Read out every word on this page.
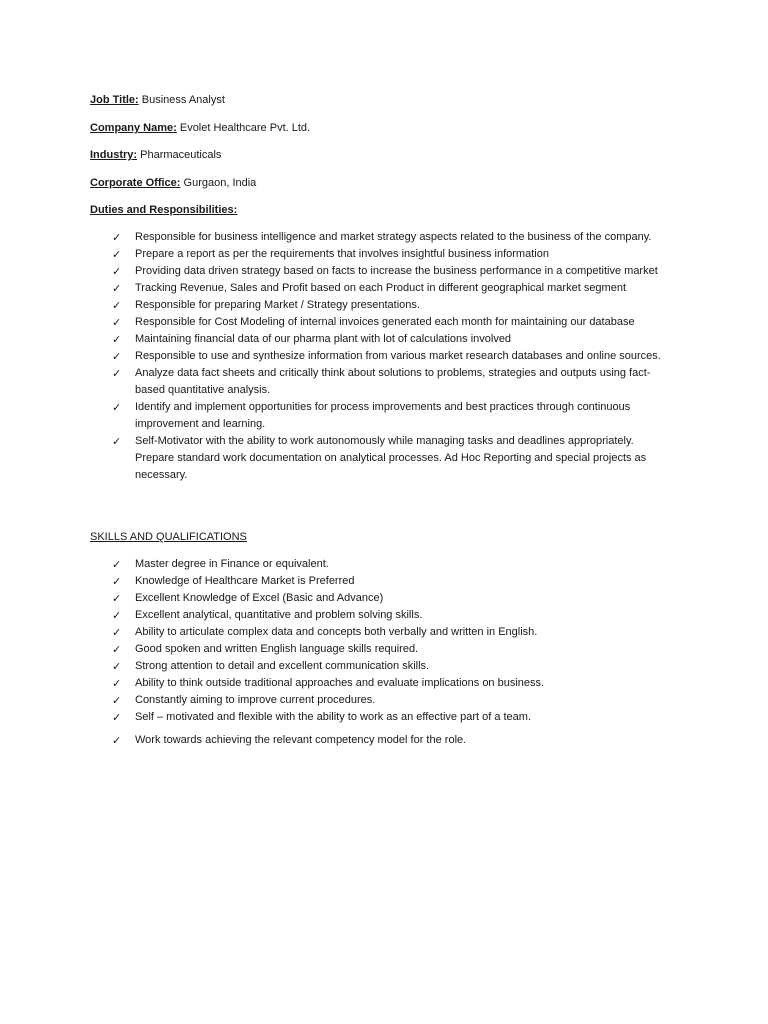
Job Title: Business Analyst
Company Name: Evolet Healthcare Pvt. Ltd.
Industry: Pharmaceuticals
Corporate Office: Gurgaon, India
Duties and Responsibilities:
✓ Responsible for business intelligence and market strategy aspects related to the business of the company.
✓ Prepare a report as per the requirements that involves insightful business information
✓ Providing data driven strategy based on facts to increase the business performance in a competitive market
✓ Tracking Revenue, Sales and Profit based on each Product in different geographical market segment
✓ Responsible for preparing Market / Strategy presentations.
✓ Responsible for Cost Modeling of internal invoices generated each month for maintaining our database
✓ Maintaining financial data of our pharma plant with lot of calculations involved
✓ Responsible to use and synthesize information from various market research databases and online sources.
✓ Analyze data fact sheets and critically think about solutions to problems, strategies and outputs using fact-based quantitative analysis.
✓ Identify and implement opportunities for process improvements and best practices through continuous improvement and learning.
✓ Self-Motivator with the ability to work autonomously while managing tasks and deadlines appropriately. Prepare standard work documentation on analytical processes. Ad Hoc Reporting and special projects as necessary.
SKILLS AND QUALIFICATIONS
✓ Master degree in Finance or equivalent.
✓ Knowledge of Healthcare Market is Preferred
✓ Excellent Knowledge of Excel (Basic and Advance)
✓ Excellent analytical, quantitative and problem solving skills.
✓ Ability to articulate complex data and concepts both verbally and written in English.
✓ Good spoken and written English language skills required.
✓ Strong attention to detail and excellent communication skills.
✓ Ability to think outside traditional approaches and evaluate implications on business.
✓ Constantly aiming to improve current procedures.
✓ Self – motivated and flexible with the ability to work as an effective part of a team.
✓ Work towards achieving the relevant competency model for the role.
